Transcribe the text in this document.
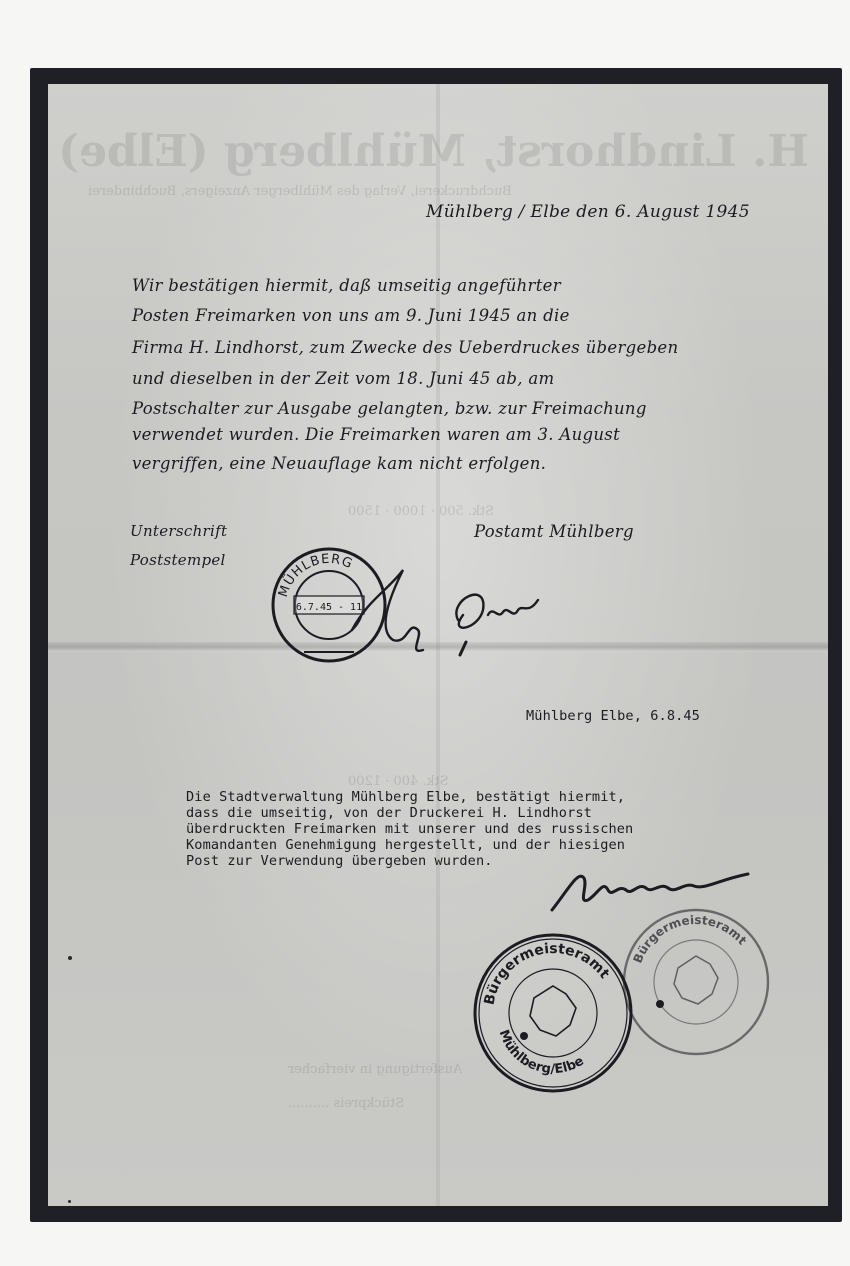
H. Lindhorst, Mühlberg (Elbe)
Buchdruckerei, Verlag des Mühlberger Anzeigers, Buchbinderei
Stk. 500 · 1000 · 1500
Stk. 400 · 1200
Ausfertigung in vierfacher
Stückpreis ..........
Mühlberg / Elbe den 6. August 1945
Wir bestätigen hiermit, daß umseitig angeführter
Posten Freimarken von uns am 9. Juni 1945 an die
Firma H. Lindhorst, zum Zwecke des Ueberdruckes übergeben
und dieselben in der Zeit vom 18. Juni 45 ab, am
Postschalter zur Ausgabe gelangten, bzw. zur Freimachung
verwendet wurden. Die Freimarken waren am 3. August
vergriffen, eine Neuauflage kam nicht erfolgen.
Unterschrift
Poststempel
Postamt Mühlberg
MÜHLBERG
6.7.45 - 11
Mühlberg Elbe, 6.8.45
Die Stadtverwaltung Mühlberg Elbe, bestätigt hiermit,
dass die umseitig, von der Druckerei H. Lindhorst
überdruckten Freimarken mit unserer und des russischen
Komandanten Genehmigung hergestellt, und der hiesigen
Post zur Verwendung übergeben wurden.
Bürgermeisteramt
Mühlberg/Elbe
Bürgermeisteramt
